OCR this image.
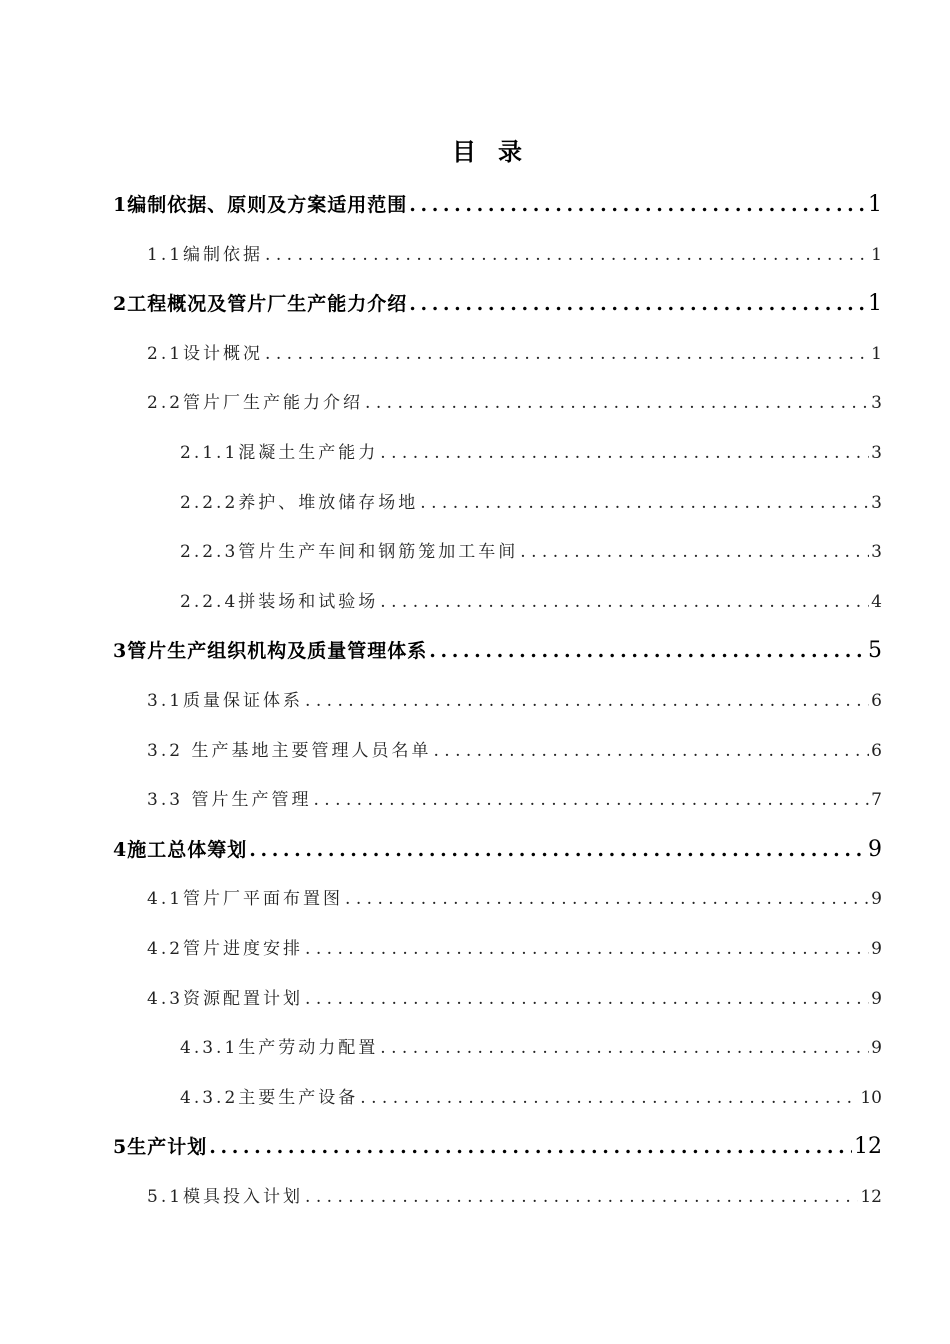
目录
1编制依据、原则及方案适用范围 . . .	1
1.1编制依据 . . .	1
2工程概况及管片厂生产能力介绍 . . .	1
2.1设计概况 . . .	1
2.2管片厂生产能力介绍 . . .	3
2.1.1混凝土生产能力 . . .	3
2.2.2养护、堆放储存场地 . . .	3
2.2.3管片生产车间和钢筋笼加工车间 . . .	3
2.2.4拼装场和试验场 . . .	4
3管片生产组织机构及质量管理体系 . . .	5
3.1质量保证体系 . . .	6
3.2 生产基地主要管理人员名单 . . .	6
3.3 管片生产管理 . . .	7
4施工总体筹划 . . .	9
4.1管片厂平面布置图 . . .	9
4.2管片进度安排 . . .	9
4.3资源配置计划 . . .	9
4.3.1生产劳动力配置 . . .	9
4.3.2主要生产设备 . . .	10
5生产计划 . . .	12
5.1模具投入计划 . . .	12
